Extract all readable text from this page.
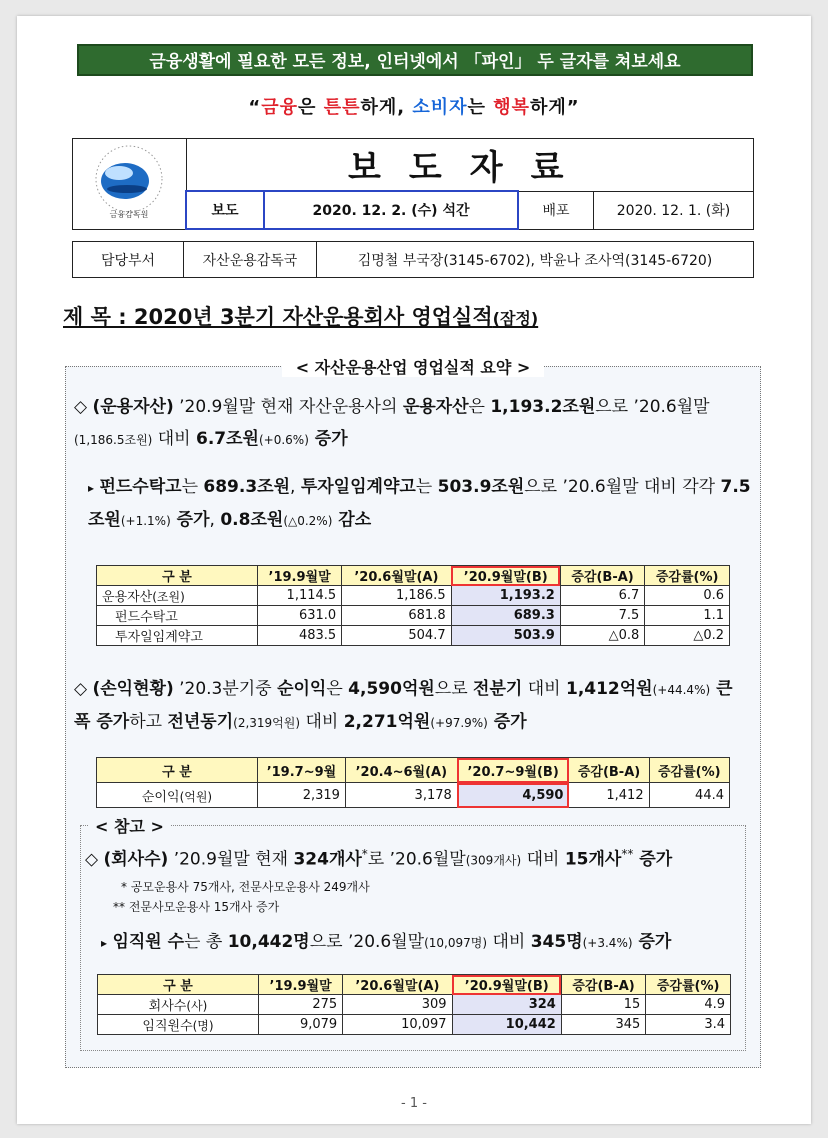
금융생활에 필요한 모든 정보, 인터넷에서 「파인」 두 글자를 쳐보세요
“금융은 튼튼하게, 소비자는 행복하게”
금융감독원	보도자료			
	보도	2020. 12. 2. (수) 석간	배포	2020. 12. 1. (화)
담당부서	자산운용감독국	김명철 부국장(3145-6702), 박윤나 조사역(3145-6720)
제 목 : 2020년 3분기 자산운용회사 영업실적(잠정)
< 자산운용산업 영업실적 요약 >
◇ (운용자산) ’20.9월말 현재 자산운용사의 운용자산은 1,193.2조원으로 ’20.6월말(1,186.5조원) 대비 6.7조원(+0.6%) 증가
▸ 펀드수탁고는 689.3조원, 투자일임계약고는 503.9조원으로 ’20.6월말 대비 각각 7.5조원(+1.1%) 증가, 0.8조원(△0.2%) 감소
구 분	’19.9월말	’20.6월말(A)	’20.9월말(B)	증감(B-A)	증감률(%)
운용자산(조원)	1,114.5	1,186.5	1,193.2	6.7	0.6
펀드수탁고	631.0	681.8	689.3	7.5	1.1
투자일임계약고	483.5	504.7	503.9	△0.8	△0.2
◇ (손익현황) ’20.3분기중 순이익은 4,590억원으로 전분기 대비 1,412억원(+44.4%) 큰 폭 증가하고 전년동기(2,319억원) 대비 2,271억원(+97.9%) 증가
구 분	’19.7~9월	’20.4~6월(A)	’20.7~9월(B)	증감(B-A)	증감률(%)
순이익(억원)	2,319	3,178	4,590	1,412	44.4
< 참고 >
◇ (회사수) ’20.9월말 현재 324개사*로 ’20.6월말(309개사) 대비 15개사** 증가
* 공모운용사 75개사, 전문사모운용사 249개사
** 전문사모운용사 15개사 증가
▸ 임직원 수는 총 10,442명으로 ’20.6월말(10,097명) 대비 345명(+3.4%) 증가
구 분	’19.9월말	’20.6월말(A)	’20.9월말(B)	증감(B-A)	증감률(%)
회사수(사)	275	309	324	15	4.9
임직원수(명)	9,079	10,097	10,442	345	3.4
- 1 -
